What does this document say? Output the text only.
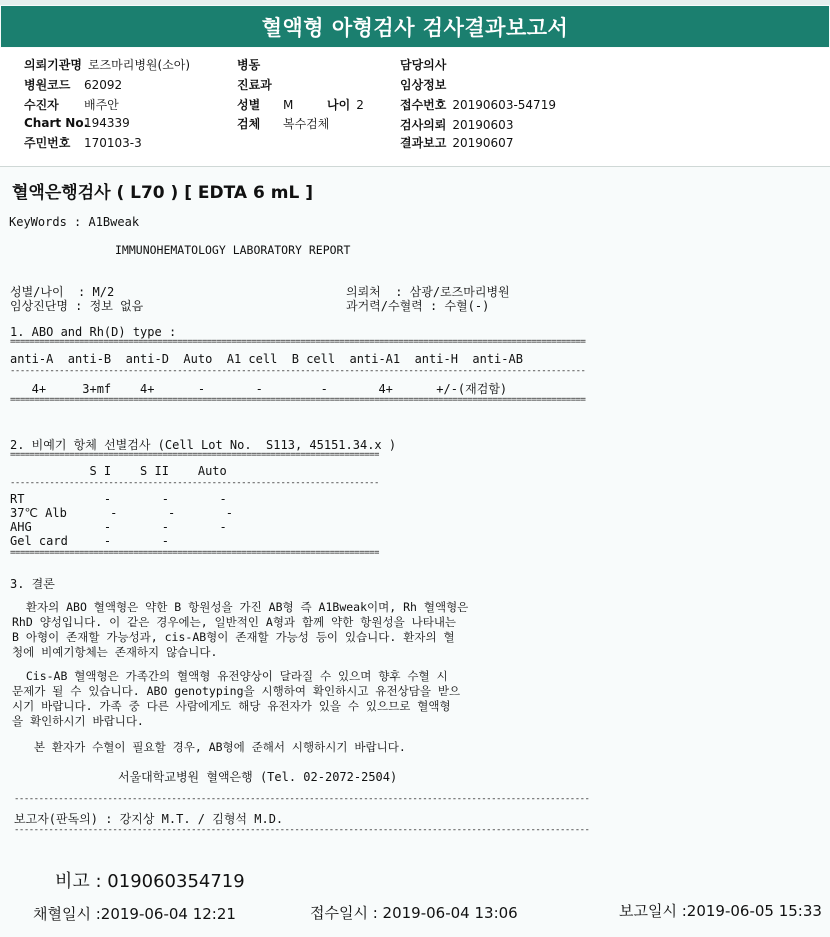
혈액형 아형검사 검사결과보고서
의뢰기관명 로즈마리병원(소아)
병원코드 62092
수진자 배주안
Chart No.194339
주민번호 170103-3
병동
진료과
성별 M	나이 2
검체 복수검체
담당의사
임상정보
접수번호 20190603-54719
검사의뢰 20190603
결과보고 20190607
혈액은행검사 ( L70 ) [ EDTA 6 mL ]
KeyWords : A1Bweak
IMMUNOHEMATOLOGY LABORATORY REPORT
성별/나이  : M/2	의뢰처  : 삼광/로즈마리병원
임상진단명 : 정보 없음	과거력/수혈력 : 수혈(-)
1. ABO and Rh(D) type :
=====================================================================================================================
anti-A  anti-B  anti-D  Auto  A1 cell  B cell  anti-A1  anti-H  anti-AB
---------------------------------------------------------------------------------------------------------------------
4+     3+mf    4+      -       -        -       4+      +/-(재검함)
=====================================================================================================================
2. 비예기 항체 선별검사 (Cell Lot No.  S113, 45151.34.x )
===========================================================================
S I    S II    Auto
---------------------------------------------------------------------------
RT           -       -       -
37℃ Alb      -       -       -
AHG          -       -       -
Gel card     -       -
===========================================================================
3. 결론
환자의 ABO 혈액형은 약한 B 항원성을 가진 AB형 즉 A1Bweak이며, Rh 혈액형은
RhD 양성입니다. 이 같은 경우에는, 일반적인 A형과 함께 약한 항원성을 나타내는
B 아형이 존재할 가능성과, cis-AB형이 존재할 가능성 등이 있습니다. 환자의 혈
청에 비예기항체는 존재하지 않습니다.
Cis-AB 혈액형은 가족간의 혈액형 유전양상이 달라질 수 있으며 향후 수혈 시
문제가 될 수 있습니다. ABO genotyping을 시행하여 확인하시고 유전상담을 받으
시기 바랍니다. 가족 중 다른 사람에게도 해당 유전자가 있을 수 있으므로 혈액형
을 확인하시기 바랍니다.
본 환자가 수혈이 필요할 경우, AB형에 준해서 시행하시기 바랍니다.
서울대학교병원 혈액은행 (Tel. 02-2072-2504)
---------------------------------------------------------------------------------------------------------------------
보고자(판독의) : 강지상 M.T. / 김형석 M.D.
---------------------------------------------------------------------------------------------------------------------
비고 : 019060354719
채혈일시 :2019-06-04 12:21	접수일시 : 2019-06-04 13:06	보고일시 :2019-06-05 15:33
